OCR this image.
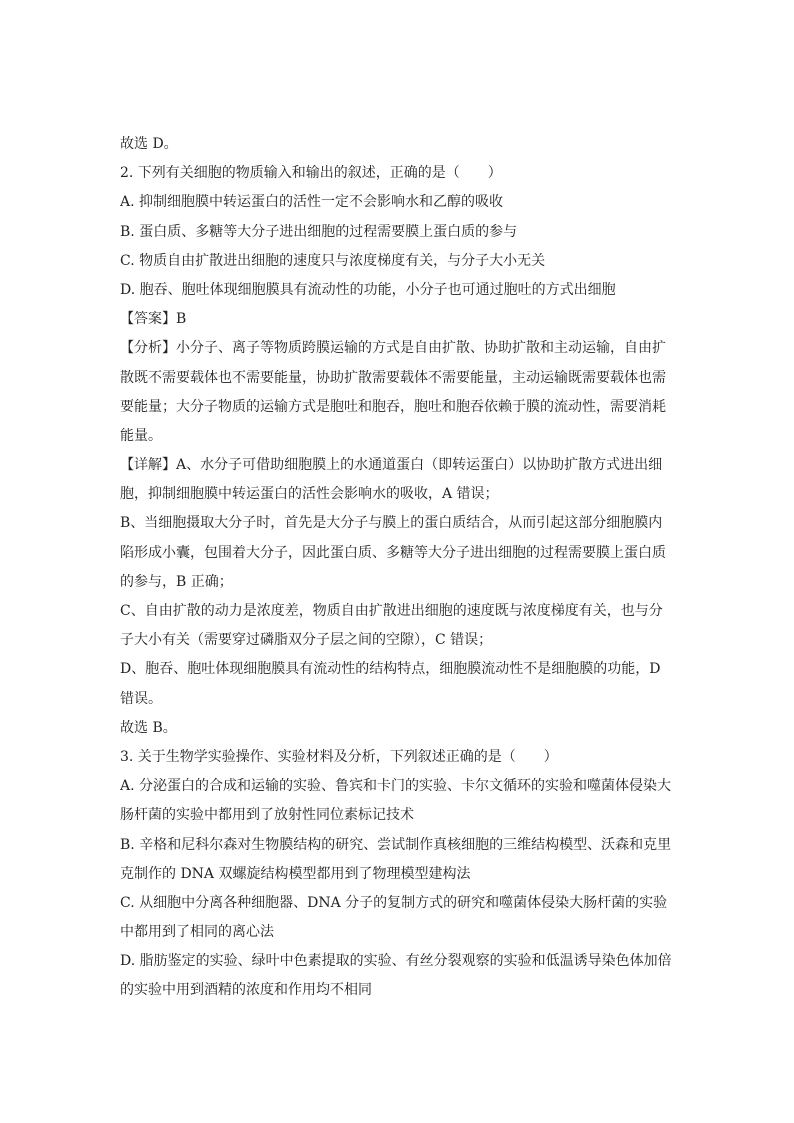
故选 D。
2. 下列有关细胞的物质输入和输出的叙述，正确的是（　　）
A. 抑制细胞膜中转运蛋白的活性一定不会影响水和乙醇的吸收
B. 蛋白质、多糖等大分子进出细胞的过程需要膜上蛋白质的参与
C. 物质自由扩散进出细胞的速度只与浓度梯度有关，与分子大小无关
D. 胞吞、胞吐体现细胞膜具有流动性的功能，小分子也可通过胞吐的方式出细胞
【答案】B
【分析】小分子、离子等物质跨膜运输的方式是自由扩散、协助扩散和主动运输，自由扩
散既不需要载体也不需要能量，协助扩散需要载体不需要能量，主动运输既需要载体也需
要能量；大分子物质的运输方式是胞吐和胞吞，胞吐和胞吞依赖于膜的流动性，需要消耗
能量。
【详解】A、水分子可借助细胞膜上的水通道蛋白（即转运蛋白）以协助扩散方式进出细
胞，抑制细胞膜中转运蛋白的活性会影响水的吸收，A 错误；
B、当细胞摄取大分子时，首先是大分子与膜上的蛋白质结合，从而引起这部分细胞膜内
陷形成小囊，包围着大分子，因此蛋白质、多糖等大分子进出细胞的过程需要膜上蛋白质
的参与，B 正确；
C、自由扩散的动力是浓度差，物质自由扩散进出细胞的速度既与浓度梯度有关，也与分
子大小有关（需要穿过磷脂双分子层之间的空隙），C 错误；
D、胞吞、胞吐体现细胞膜具有流动性的结构特点，细胞膜流动性不是细胞膜的功能，D
错误。
故选 B。
3. 关于生物学实验操作、实验材料及分析，下列叙述正确的是（　　）
A. 分泌蛋白的合成和运输的实验、鲁宾和卡门的实验、卡尔文循环的实验和噬菌体侵染大
肠杆菌的实验中都用到了放射性同位素标记技术
B. 辛格和尼科尔森对生物膜结构的研究、尝试制作真核细胞的三维结构模型、沃森和克里
克制作的 DNA 双螺旋结构模型都用到了物理模型建构法
C. 从细胞中分离各种细胞器、DNA 分子的复制方式的研究和噬菌体侵染大肠杆菌的实验
中都用到了相同的离心法
D. 脂肪鉴定的实验、绿叶中色素提取的实验、有丝分裂观察的实验和低温诱导染色体加倍
的实验中用到酒精的浓度和作用均不相同
